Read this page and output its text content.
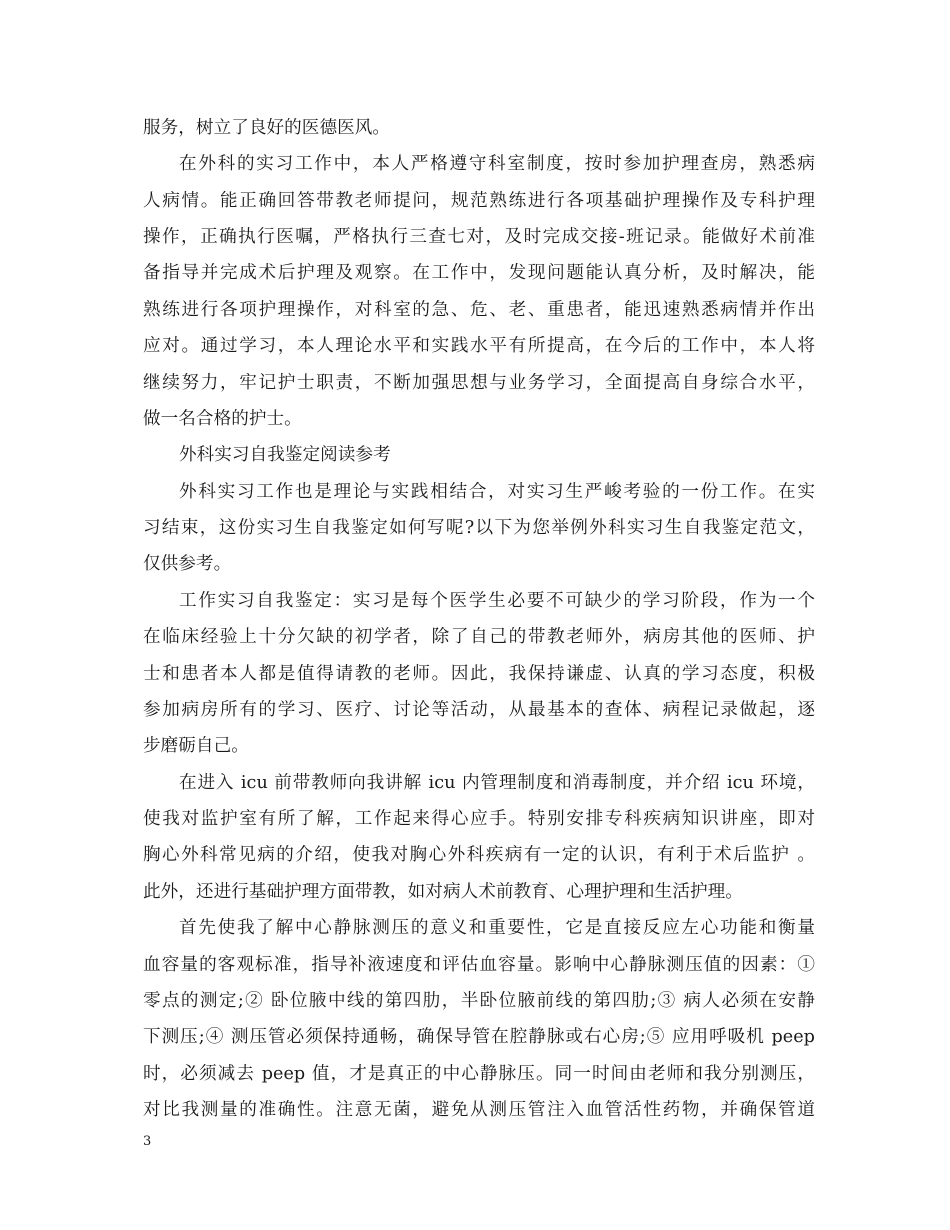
服务，树立了良好的医德医风。
在外科的实习工作中，本人严格遵守科室制度，按时参加护理查房，熟悉病
人病情。能正确回答带教老师提问，规范熟练进行各项基础护理操作及专科护理
操作，正确执行医嘱，严格执行三查七对，及时完成交接-班记录。能做好术前准
备指导并完成术后护理及观察。在工作中，发现问题能认真分析，及时解决，能
熟练进行各项护理操作，对科室的急、危、老、重患者，能迅速熟悉病情并作出
应对。通过学习，本人理论水平和实践水平有所提高，在今后的工作中，本人将
继续努力，牢记护士职责，不断加强思想与业务学习，全面提高自身综合水平，
做一名合格的护士。
外科实习自我鉴定阅读参考
外科实习工作也是理论与实践相结合，对实习生严峻考验的一份工作。在实
习结束，这份实习生自我鉴定如何写呢?以下为您举例外科实习生自我鉴定范文，
仅供参考。
工作实习自我鉴定：实习是每个医学生必要不可缺少的学习阶段，作为一个
在临床经验上十分欠缺的初学者，除了自己的带教老师外，病房其他的医师、护
士和患者本人都是值得请教的老师。因此，我保持谦虚、认真的学习态度，积极
参加病房所有的学习、医疗、讨论等活动，从最基本的查体、病程记录做起，逐
步磨砺自己。
在进入 icu 前带教师向我讲解 icu 内管理制度和消毒制度，并介绍 icu 环境，
使我对监护室有所了解，工作起来得心应手。特别安排专科疾病知识讲座，即对
胸心外科常见病的介绍，使我对胸心外科疾病有一定的认识，有利于术后监护 。
此外，还进行基础护理方面带教，如对病人术前教育、心理护理和生活护理。
首先使我了解中心静脉测压的意义和重要性，它是直接反应左心功能和衡量
血容量的客观标准，指导补液速度和评估血容量。影响中心静脉测压值的因素：①
零点的测定;② 卧位腋中线的第四肋，半卧位腋前线的第四肋;③ 病人必须在安静
下测压;④ 测压管必须保持通畅，确保导管在腔静脉或右心房;⑤ 应用呼吸机 peep
时，必须减去 peep 值，才是真正的中心静脉压。同一时间由老师和我分别测压，
对比我测量的准确性。注意无菌，避免从测压管注入血管活性药物，并确保管道
3
